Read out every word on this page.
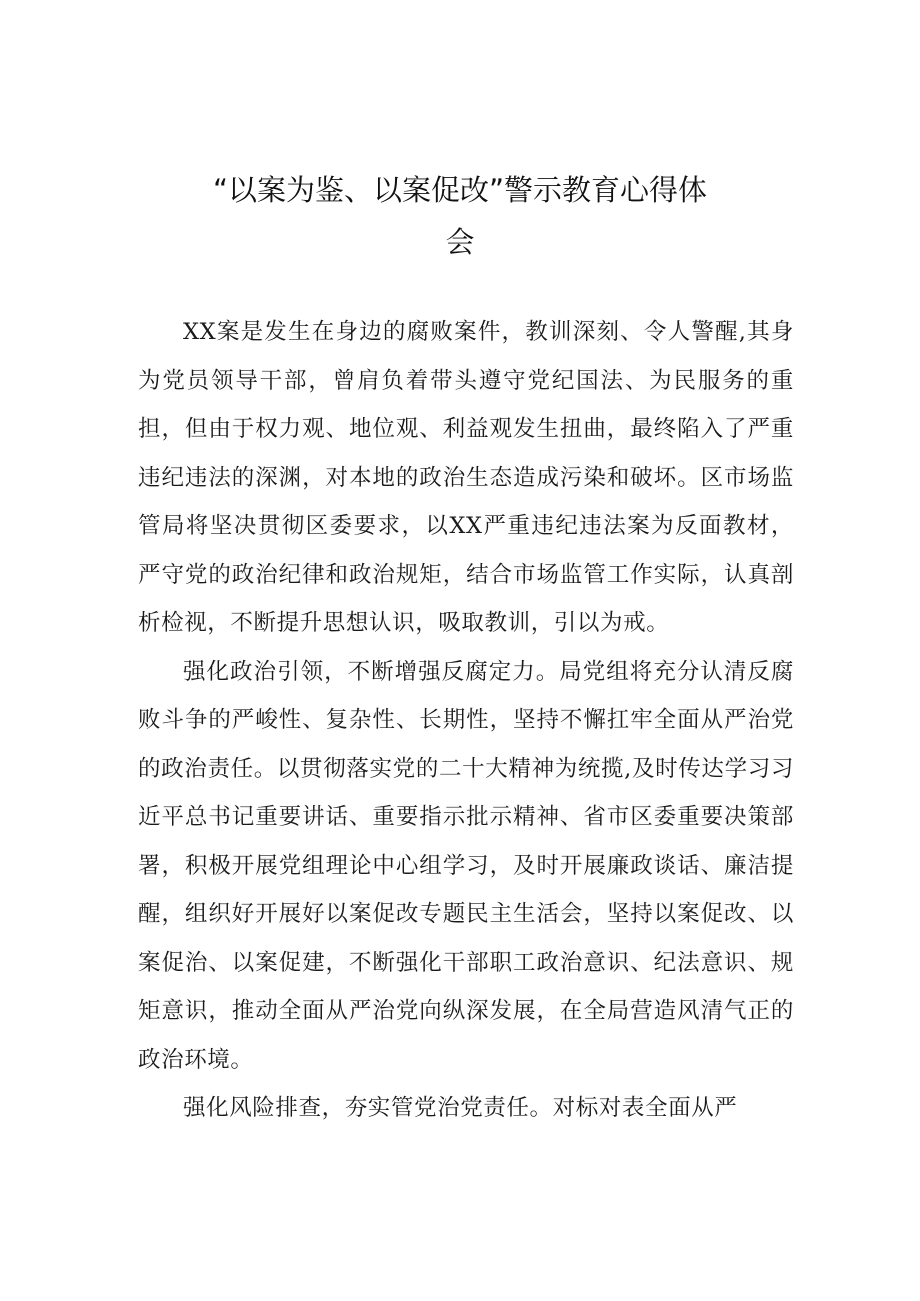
“以案为鉴、以案促改”警示教育心得体
会

XX案是发生在身边的腐败案件，教训深刻、令人警醒,其身为党员领导干部，曾肩负着带头遵守党纪国法、为民服务的重担，但由于权力观、地位观、利益观发生扭曲，最终陷入了严重违纪违法的深渊，对本地的政治生态造成污染和破坏。区市场监管局将坚决贯彻区委要求，以XX严重违纪违法案为反面教材，严守党的政治纪律和政治规矩，结合市场监管工作实际，认真剖析检视，不断提升思想认识，吸取教训，引以为戒。

强化政治引领，不断增强反腐定力。局党组将充分认清反腐败斗争的严峻性、复杂性、长期性，坚持不懈扛牢全面从严治党的政治责任。以贯彻落实党的二十大精神为统揽,及时传达学习习近平总书记重要讲话、重要指示批示精神、省市区委重要决策部署，积极开展党组理论中心组学习，及时开展廉政谈话、廉洁提醒，组织好开展好以案促改专题民主生活会，坚持以案促改、以案促治、以案促建，不断强化干部职工政治意识、纪法意识、规矩意识，推动全面从严治党向纵深发展，在全局营造风清气正的政治环境。

强化风险排查，夯实管党治党责任。对标对表全面从严
